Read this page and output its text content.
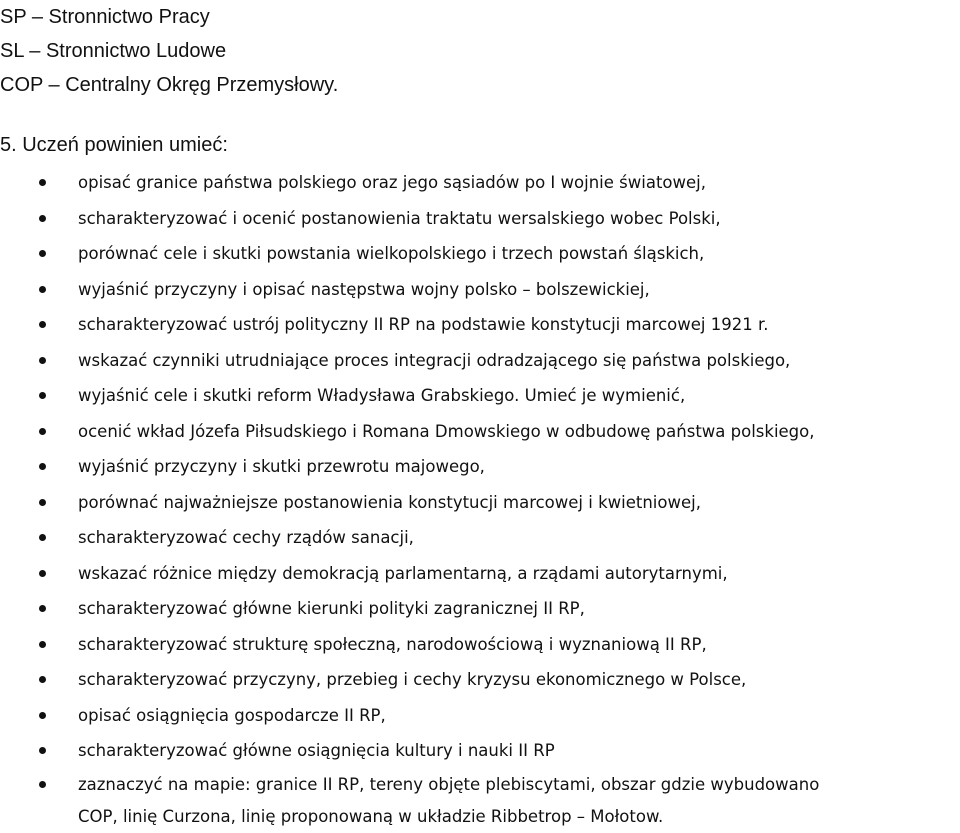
SP – Stronnictwo Pracy
SL – Stronnictwo Ludowe
COP – Centralny Okręg Przemysłowy.
5. Uczeń powinien umieć:
opisać granice państwa polskiego oraz jego sąsiadów po I wojnie światowej,
scharakteryzować i ocenić postanowienia traktatu wersalskiego wobec Polski,
porównać cele i skutki powstania wielkopolskiego i trzech powstań śląskich,
wyjaśnić przyczyny i opisać następstwa wojny polsko – bolszewickiej,
scharakteryzować ustrój polityczny II RP na podstawie konstytucji marcowej 1921 r.
wskazać czynniki utrudniające proces integracji odradzającego się państwa polskiego,
wyjaśnić cele i skutki reform Władysława Grabskiego. Umieć je wymienić,
ocenić wkład Józefa Piłsudskiego i Romana Dmowskiego w odbudowę państwa polskiego,
wyjaśnić przyczyny i skutki przewrotu majowego,
porównać najważniejsze postanowienia konstytucji marcowej i kwietniowej,
scharakteryzować cechy rządów sanacji,
wskazać różnice między demokracją parlamentarną, a rządami autorytarnymi,
scharakteryzować główne kierunki polityki zagranicznej II RP,
scharakteryzować strukturę społeczną, narodowościową i wyznaniową II RP,
scharakteryzować przyczyny, przebieg i cechy kryzysu ekonomicznego w Polsce,
opisać osiągnięcia gospodarcze II RP,
scharakteryzować główne osiągnięcia kultury i nauki II RP
zaznaczyć na mapie: granice II RP, tereny objęte plebiscytami, obszar gdzie wybudowano
COP, linię Curzona, linię proponowaną w układzie Ribbetrop – Mołotow.
